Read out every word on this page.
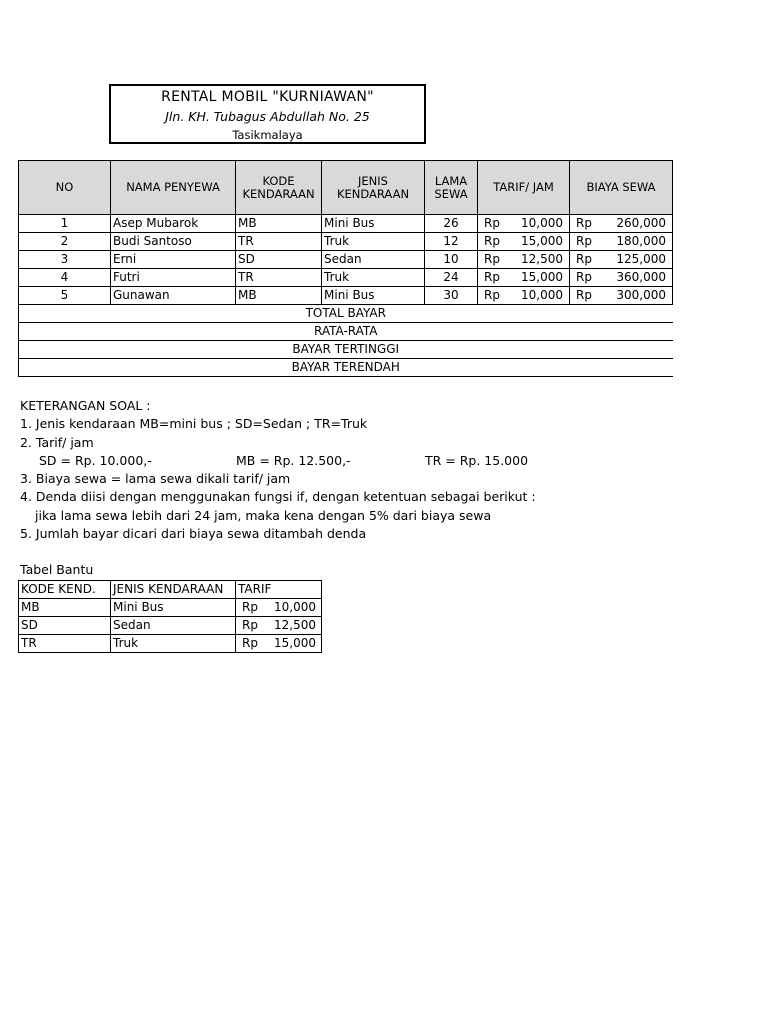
RENTAL MOBIL "KURNIAWAN"
Jln. KH. Tubagus Abdullah No. 25
Tasikmalaya
NO	NAMA PENYEWA	KODE KENDARAAN	JENIS KENDARAAN	LAMA SEWA	TARIF/ JAM	BIAYA SEWA
1	Asep Mubarok	MB	Mini Bus	26	Rp 10,000	Rp 260,000

2	Budi Santoso	TR	Truk	12	Rp 15,000	Rp 180,000

3	Erni	SD	Sedan	10	Rp 12,500	Rp 125,000

4	Futri	TR	Truk	24	Rp 15,000	Rp 360,000

5	Gunawan	MB	Mini Bus	30	Rp 10,000	Rp 300,000

TOTAL BAYAR						
RATA-RATA						
BAYAR TERTINGGI						
BAYAR TERENDAH						
KETERANGAN SOAL :
1. Jenis kendaraan MB=mini bus ; SD=Sedan ; TR=Truk
2. Tarif/ jam
SD = Rp. 10.000,-	MB = Rp. 12.500,-	TR = Rp. 15.000
3. Biaya sewa = lama sewa dikali tarif/ jam
4. Denda diisi dengan menggunakan fungsi if, dengan ketentuan sebagai berikut :
jika lama sewa lebih dari 24 jam, maka kena dengan 5% dari biaya sewa
5. Jumlah bayar dicari dari biaya sewa ditambah denda
Tabel Bantu
KODE KEND.	JENIS KENDARAAN	TARIF
MB	Mini Bus	Rp 10,000

SD	Sedan	Rp 12,500

TR	Truk	Rp 15,000
